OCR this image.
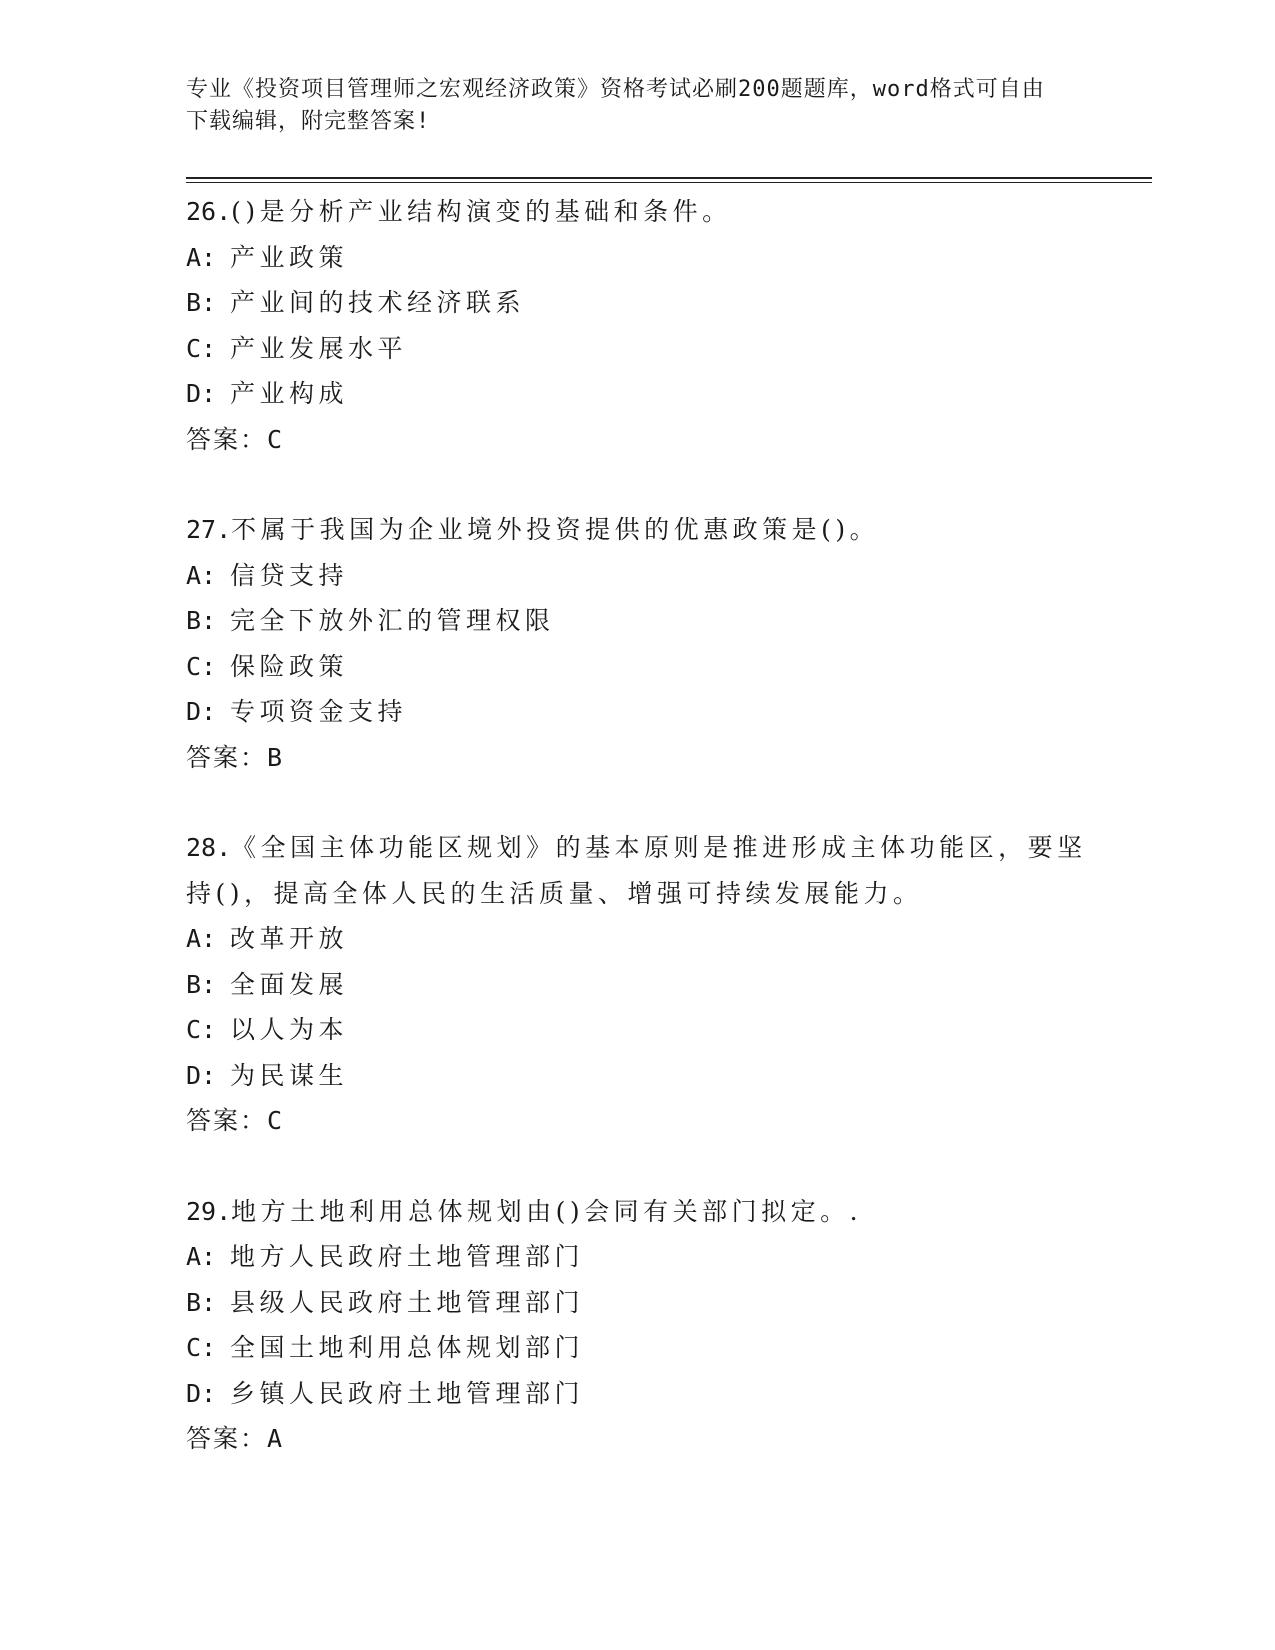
专业《投资项目管理师之宏观经济政策》资格考试必刷200题题库，word格式可自由下载编辑，附完整答案!
26.()是分析产业结构演变的基础和条件。
A: 产业政策
B: 产业间的技术经济联系
C: 产业发展水平
D: 产业构成
答案：C
27.不属于我国为企业境外投资提供的优惠政策是()。
A: 信贷支持
B: 完全下放外汇的管理权限
C: 保险政策
D: 专项资金支持
答案：B
28.《全国主体功能区规划》的基本原则是推进形成主体功能区，要坚持()，提高全体人民的生活质量、增强可持续发展能力。
A: 改革开放
B: 全面发展
C: 以人为本
D: 为民谋生
答案：C
29.地方土地利用总体规划由()会同有关部门拟定。.
A: 地方人民政府土地管理部门
B: 县级人民政府土地管理部门
C: 全国土地利用总体规划部门
D: 乡镇人民政府土地管理部门
答案：A
